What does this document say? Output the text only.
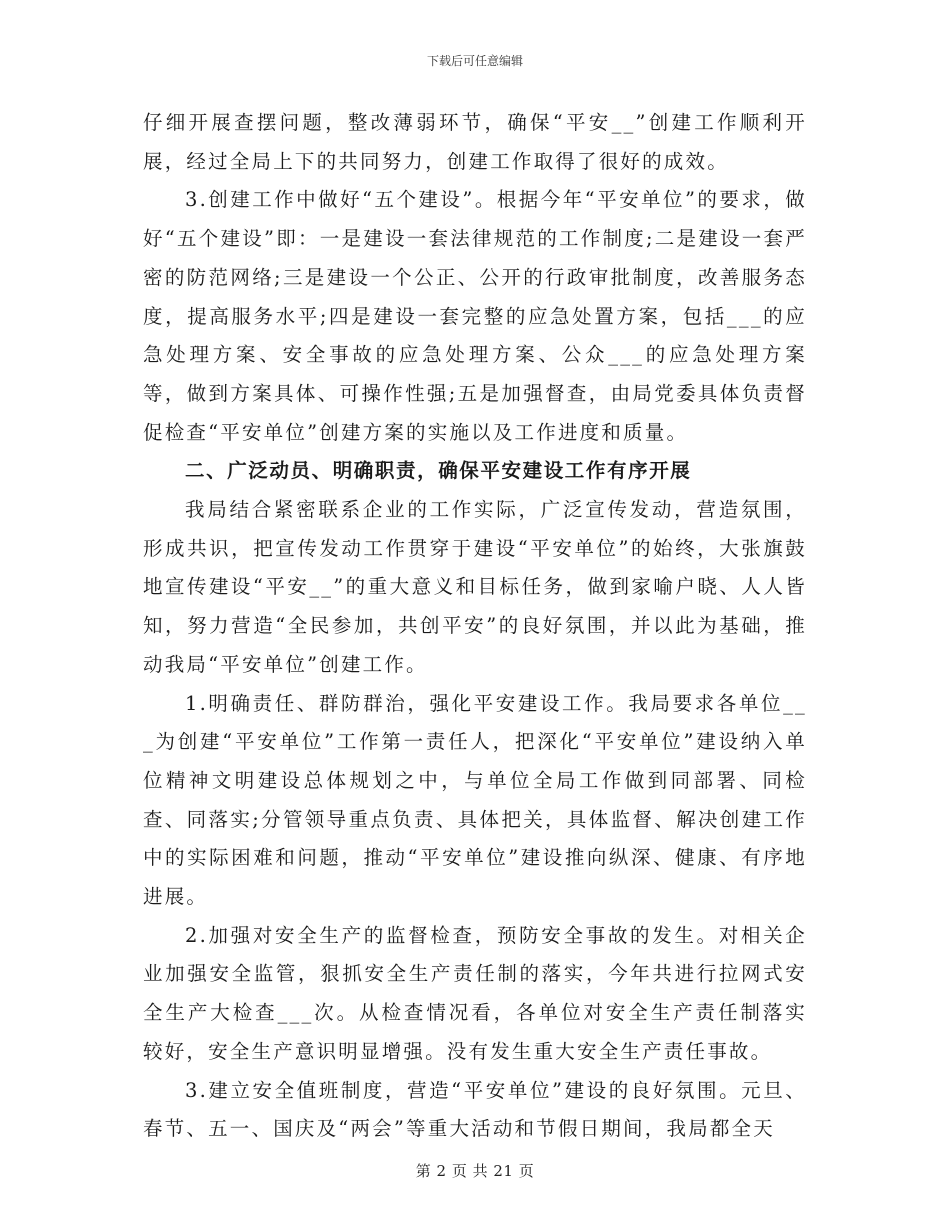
下载后可任意编辑

仔细开展查摆问题，整改薄弱环节，确保“平安__”创建工作顺利开展，经过全局上下的共同努力，创建工作取得了很好的成效。

3.创建工作中做好“五个建设”。根据今年“平安单位”的要求，做好“五个建设”即：一是建设一套法律规范的工作制度;二是建设一套严密的防范网络;三是建设一个公正、公开的行政审批制度，改善服务态度，提高服务水平;四是建设一套完整的应急处置方案，包括___的应急处理方案、安全事故的应急处理方案、公众___的应急处理方案等，做到方案具体、可操作性强;五是加强督查，由局党委具体负责督促检查“平安单位”创建方案的实施以及工作进度和质量。

二、广泛动员、明确职责，确保平安建设工作有序开展

我局结合紧密联系企业的工作实际，广泛宣传发动，营造氛围，形成共识，把宣传发动工作贯穿于建设“平安单位”的始终，大张旗鼓地宣传建设“平安__”的重大意义和目标任务，做到家喻户晓、人人皆知，努力营造“全民参加，共创平安”的良好氛围，并以此为基础，推动我局“平安单位”创建工作。

1.明确责任、群防群治，强化平安建设工作。我局要求各单位___为创建“平安单位”工作第一责任人，把深化“平安单位”建设纳入单位精神文明建设总体规划之中，与单位全局工作做到同部署、同检查、同落实;分管领导重点负责、具体把关，具体监督、解决创建工作中的实际困难和问题，推动“平安单位”建设推向纵深、健康、有序地进展。

2.加强对安全生产的监督检查，预防安全事故的发生。对相关企业加强安全监管，狠抓安全生产责任制的落实，今年共进行拉网式安全生产大检查___次。从检查情况看，各单位对安全生产责任制落实较好，安全生产意识明显增强。没有发生重大安全生产责任事故。

3.建立安全值班制度，营造“平安单位”建设的良好氛围。元旦、春节、五一、国庆及“两会”等重大活动和节假日期间，我局都全天

第 2 页 共 21 页
